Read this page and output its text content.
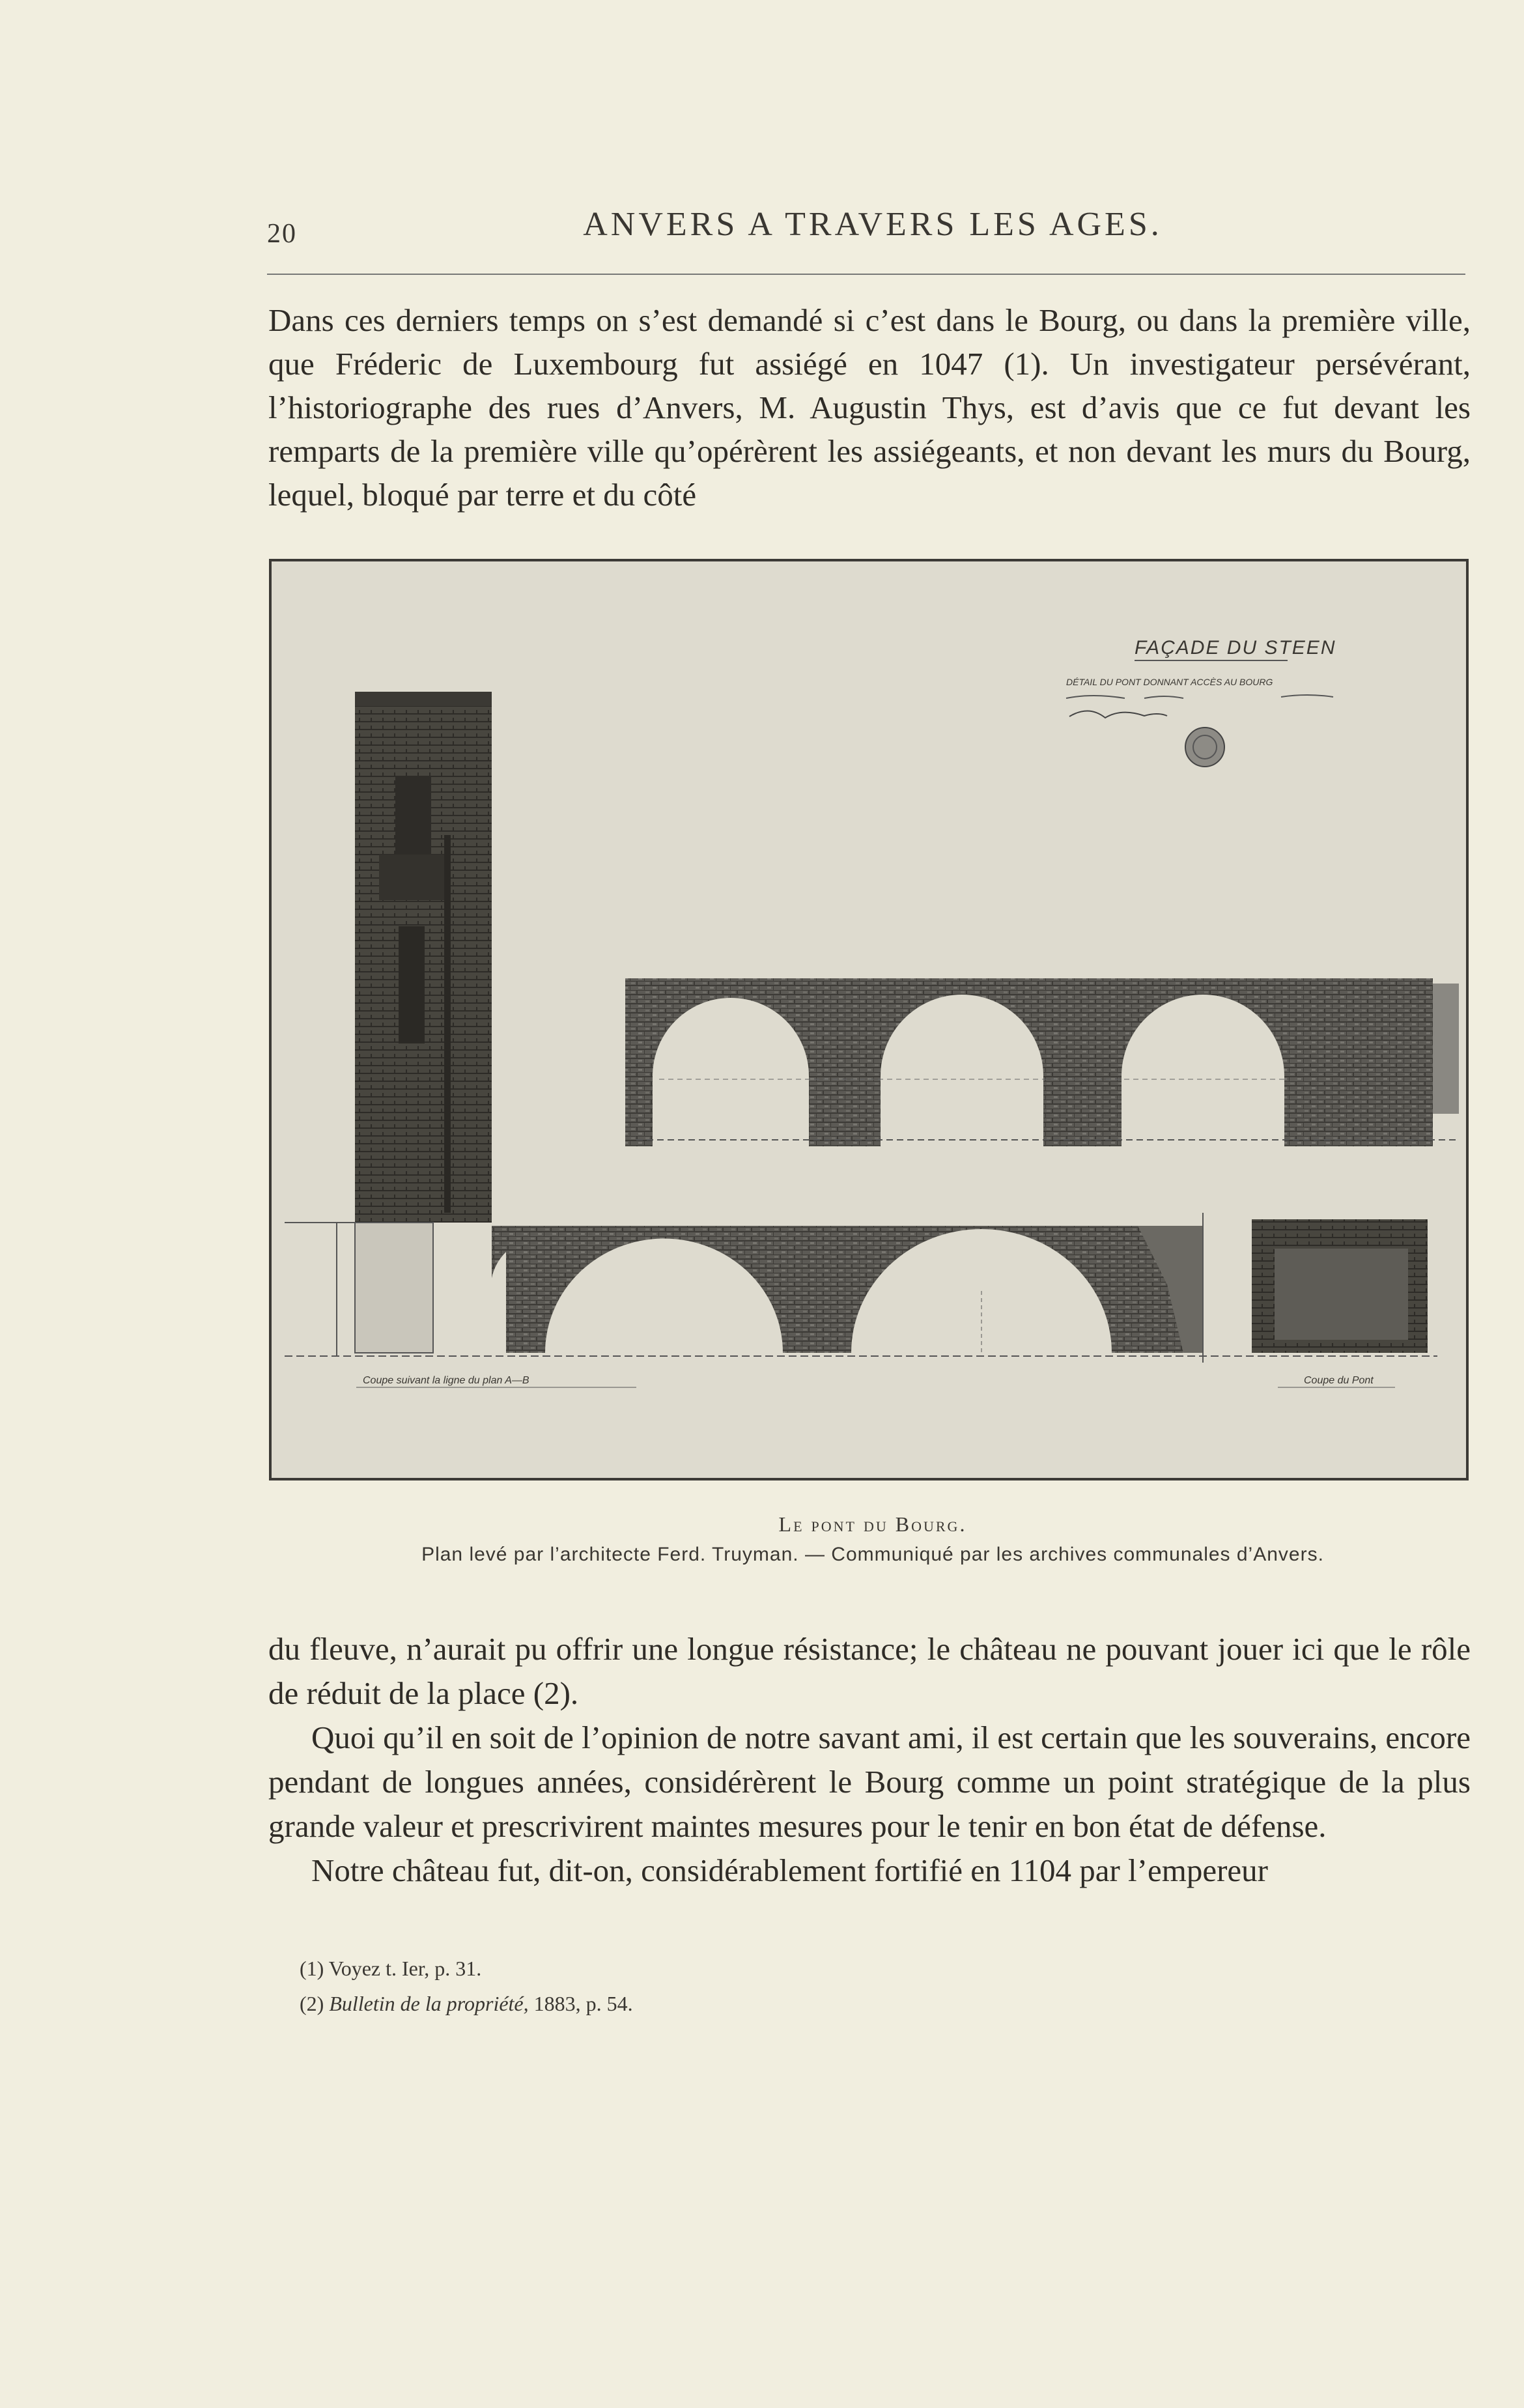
20	ANVERS A TRAVERS LES AGES.

Dans ces derniers temps on s’est demandé si c’est dans le Bourg, ou dans la première ville, que Fréderic de Luxembourg fut assiégé en 1047 (1). Un investigateur persévérant, l’historiographe des rues d’Anvers, M. Augustin Thys, est d’avis que ce fut devant les remparts de la première ville qu’opérèrent les assiégeants, et non devant les murs du Bourg, lequel, bloqué par terre et du côté

FAÇADE DU STEEN
DÉTAIL DU PONT DONNANT ACCÈS AU BOURG
Coupe suivant la ligne du plan A—B	Coupe du Pont
Le pont du Bourg.
Plan levé par l’architecte Ferd. Truyman. — Communiqué par les archives communales d’Anvers.

du fleuve, n’aurait pu offrir une longue résistance; le château ne pouvant jouer ici que le rôle de réduit de la place (2).

Quoi qu’il en soit de l’opinion de notre savant ami, il est certain que les souverains, encore pendant de longues années, considérèrent le Bourg comme un point stratégique de la plus grande valeur et prescrivirent maintes mesures pour le tenir en bon état de défense.

Notre château fut, dit-on, considérablement fortifié en 1104 par l’empereur

(1) Voyez t. Ier, p. 31.
(2) Bulletin de la propriété, 1883, p. 54.
